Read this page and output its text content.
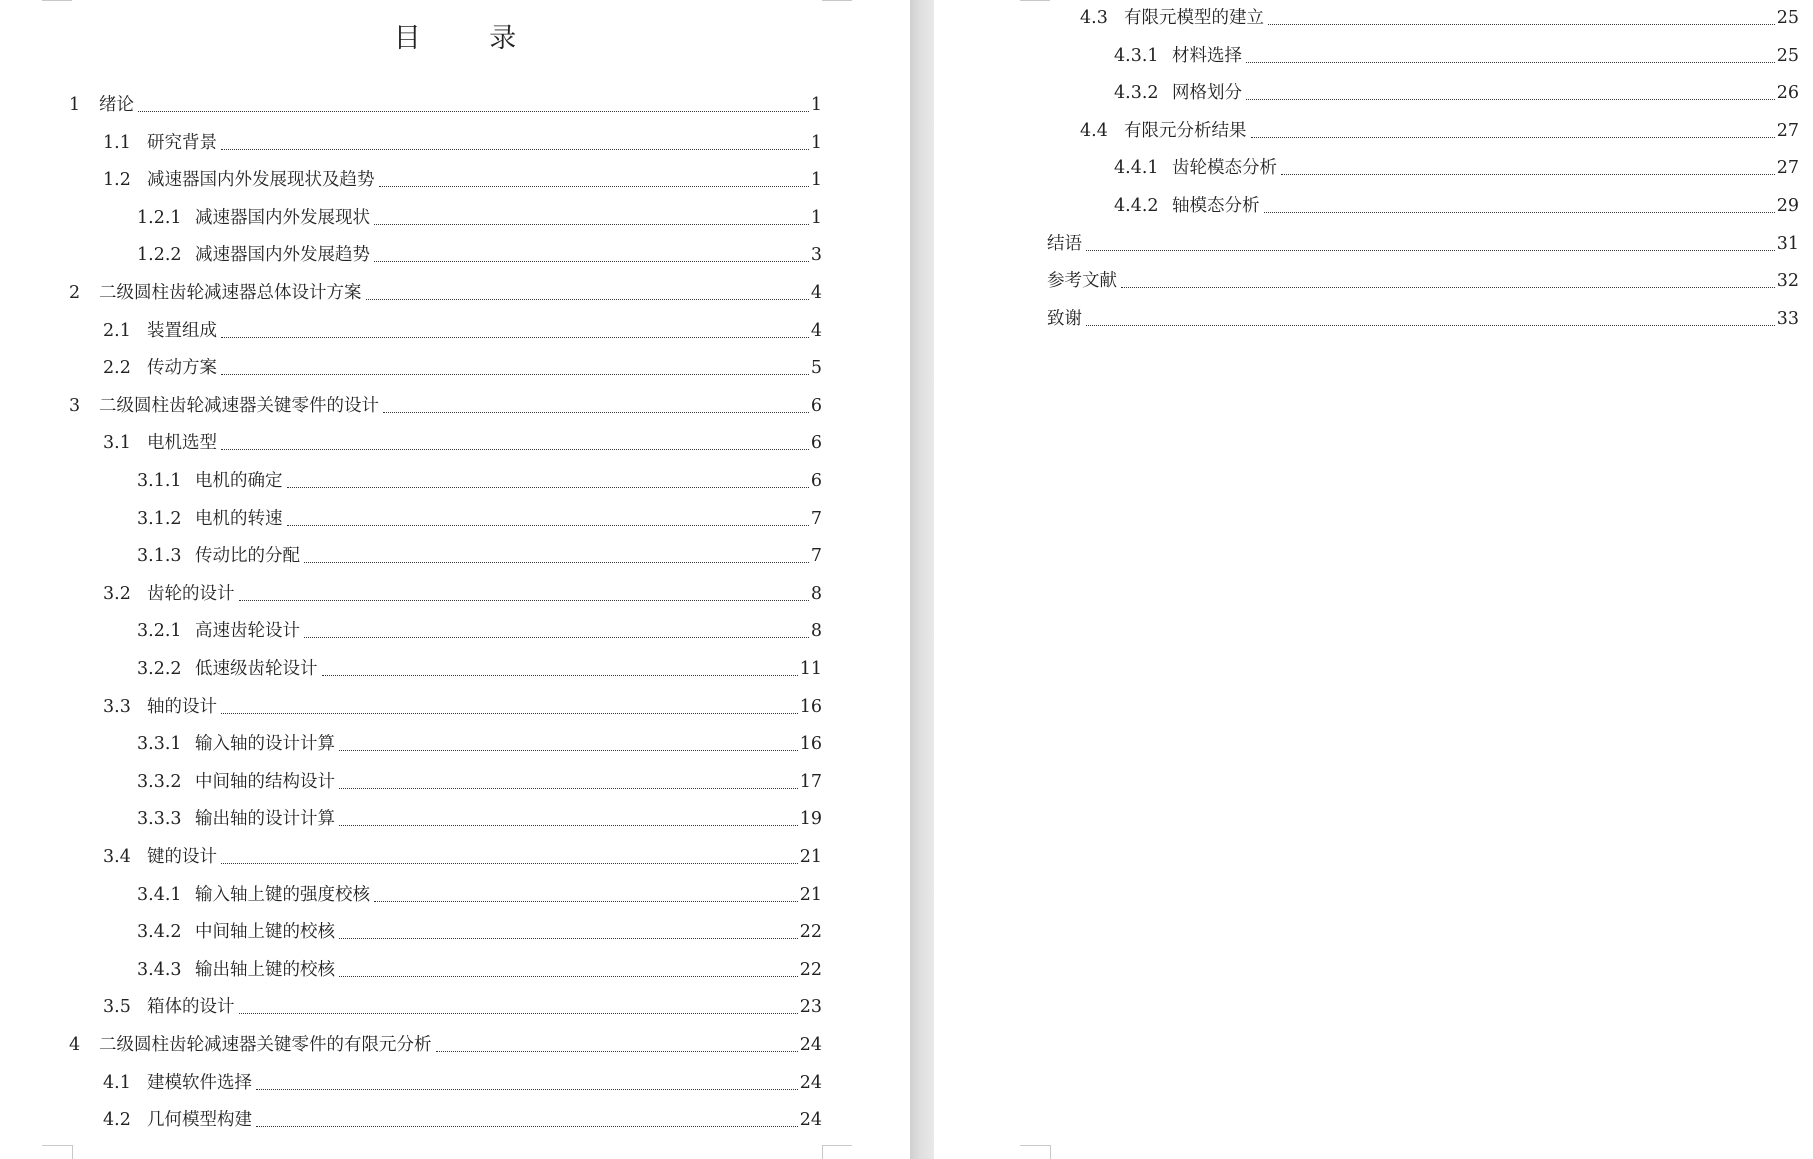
目 录
1	绪论	1
1.1 研究背景	1
1.2 减速器国内外发展现状及趋势	1
1.2.1 减速器国内外发展现状	1
1.2.2 减速器国内外发展趋势	3
2	二级圆柱齿轮减速器总体设计方案	4
2.1 装置组成	4
2.2 传动方案	5
3	二级圆柱齿轮减速器关键零件的设计	6
3.1 电机选型	6
3.1.1 电机的确定	6
3.1.2 电机的转速	7
3.1.3 传动比的分配	7
3.2 齿轮的设计	8
3.2.1 高速齿轮设计	8
3.2.2 低速级齿轮设计	11
3.3 轴的设计	16
3.3.1 输入轴的设计计算	16
3.3.2 中间轴的结构设计	17
3.3.3 输出轴的设计计算	19
3.4 键的设计	21
3.4.1 输入轴上键的强度校核	21
3.4.2 中间轴上键的校核	22
3.4.3 输出轴上键的校核	22
3.5 箱体的设计	23
4	二级圆柱齿轮减速器关键零件的有限元分析	24
4.1 建模软件选择	24
4.2 几何模型构建	24
4.3 有限元模型的建立	25
4.3.1 材料选择	25
4.3.2 网格划分	26
4.4 有限元分析结果	27
4.4.1 齿轮模态分析	27
4.4.2 轴模态分析	29
结语	31
参考文献	32
致谢	33
